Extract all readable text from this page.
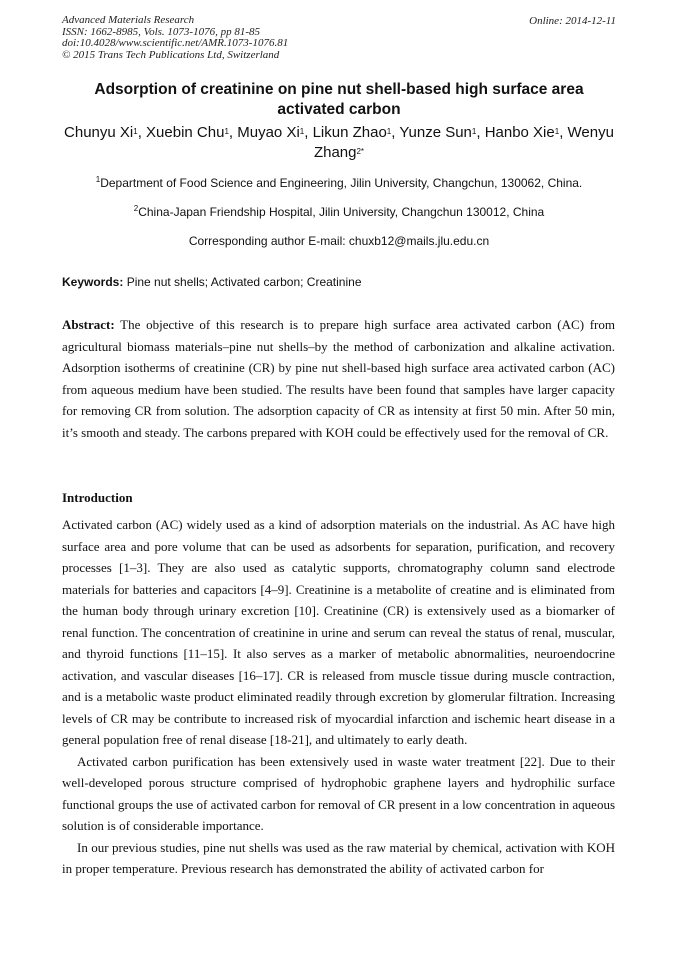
Advanced Materials Research
ISSN: 1662-8985, Vols. 1073-1076, pp 81-85
doi:10.4028/www.scientific.net/AMR.1073-1076.81
© 2015 Trans Tech Publications Ltd, Switzerland
Online: 2014-12-11
Adsorption of creatinine on pine nut shell-based high surface area activated carbon
Chunyu Xi$^1$, Xuebin Chu$^1$, Muyao Xi$^1$, Likun Zhao$^1$, Yunze Sun$^1$, Hanbo Xie$^1$, Wenyu Zhang$^{2*}$
$^1$Department of Food Science and Engineering, Jilin University, Changchun, 130062, China.
$^2$China-Japan Friendship Hospital, Jilin University, Changchun 130012, China
Corresponding author E-mail: chuxb12@mails.jlu.edu.cn
Keywords: Pine nut shells; Activated carbon; Creatinine

Abstract: The objective of this research is to prepare high surface area activated carbon (AC) from agricultural biomass materials–pine nut shells–by the method of carbonization and alkaline activation. Adsorption isotherms of creatinine (CR) by pine nut shell-based high surface area activated carbon (AC) from aqueous medium have been studied. The results have been found that samples have larger capacity for removing CR from solution. The adsorption capacity of CR as intensity at first 50 min. After 50 min, it’s smooth and steady. The carbons prepared with KOH could be effectively used for the removal of CR.

Introduction

Activated carbon (AC) widely used as a kind of adsorption materials on the industrial. As AC have high surface area and pore volume that can be used as adsorbents for separation, purification, and recovery processes [1–3]. They are also used as catalytic supports, chromatography column sand electrode materials for batteries and capacitors [4–9]. Creatinine is a metabolite of creatine and is eliminated from the human body through urinary excretion [10]. Creatinine (CR) is extensively used as a biomarker of renal function. The concentration of creatinine in urine and serum can reveal the status of renal, muscular, and thyroid functions [11–15]. It also serves as a marker of metabolic abnormalities, neuroendocrine activation, and vascular diseases [16–17]. CR is released from muscle tissue during muscle contraction, and is a metabolic waste product eliminated readily through excretion by glomerular filtration. Increasing levels of CR may be contribute to increased risk of myocardial infarction and ischemic heart disease in a general population free of renal disease [18-21], and ultimately to early death.

Activated carbon purification has been extensively used in waste water treatment [22]. Due to their well-developed porous structure comprised of hydrophobic graphene layers and hydrophilic surface functional groups the use of activated carbon for removal of CR present in a low concentration in aqueous solution is of considerable importance.

In our previous studies, pine nut shells was used as the raw material by chemical, activation with KOH in proper temperature. Previous research has demonstrated the ability of activated carbon for
